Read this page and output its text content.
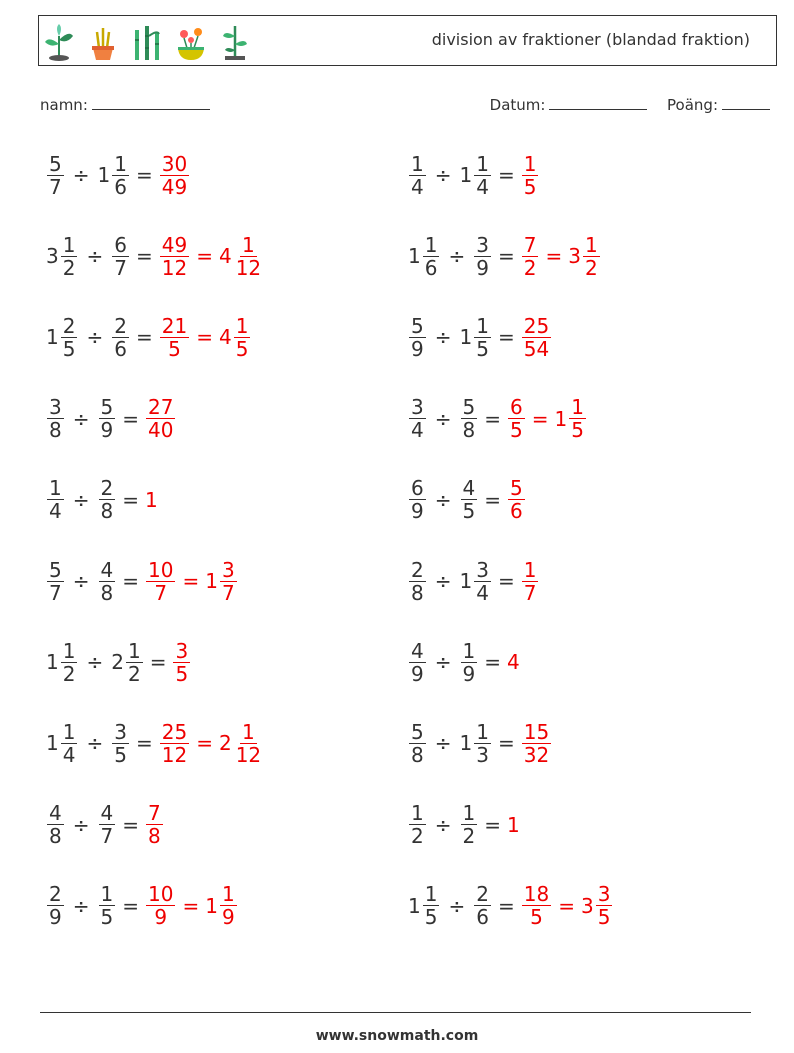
division av fraktioner (blandad fraktion)
namn:	Datum:	Poäng:
$\frac{5}{7} \div 1 \frac{1}{6} = \frac{30}{49}$	$\frac{1}{4} \div 1 \frac{1}{4} = \frac{1}{5}$
$3 \frac{1}{2} \div \frac{6}{7} = \frac{49}{12} = 4 \frac{1}{12}$	$1 \frac{1}{6} \div \frac{3}{9} = \frac{7}{2} = 3 \frac{1}{2}$
$1 \frac{2}{5} \div \frac{2}{6} = \frac{21}{5} = 4 \frac{1}{5}$	$\frac{5}{9} \div 1 \frac{1}{5} = \frac{25}{54}$
$\frac{3}{8} \div \frac{5}{9} = \frac{27}{40}$	$\frac{3}{4} \div \frac{5}{8} = \frac{6}{5} = 1 \frac{1}{5}$
$\frac{1}{4} \div \frac{2}{8} = 1$	$\frac{6}{9} \div \frac{4}{5} = \frac{5}{6}$
$\frac{5}{7} \div \frac{4}{8} = \frac{10}{7} = 1 \frac{3}{7}$	$\frac{2}{8} \div 1 \frac{3}{4} = \frac{1}{7}$
$1 \frac{1}{2} \div 2 \frac{1}{2} = \frac{3}{5}$	$\frac{4}{9} \div \frac{1}{9} = 4$
$1 \frac{1}{4} \div \frac{3}{5} = \frac{25}{12} = 2 \frac{1}{12}$	$\frac{5}{8} \div 1 \frac{1}{3} = \frac{15}{32}$
$\frac{4}{8} \div \frac{4}{7} = \frac{7}{8}$	$\frac{1}{2} \div \frac{1}{2} = 1$
$\frac{2}{9} \div \frac{1}{5} = \frac{10}{9} = 1 \frac{1}{9}$	$1 \frac{1}{5} \div \frac{2}{6} = \frac{18}{5} = 3 \frac{3}{5}$
www.snowmath.com
